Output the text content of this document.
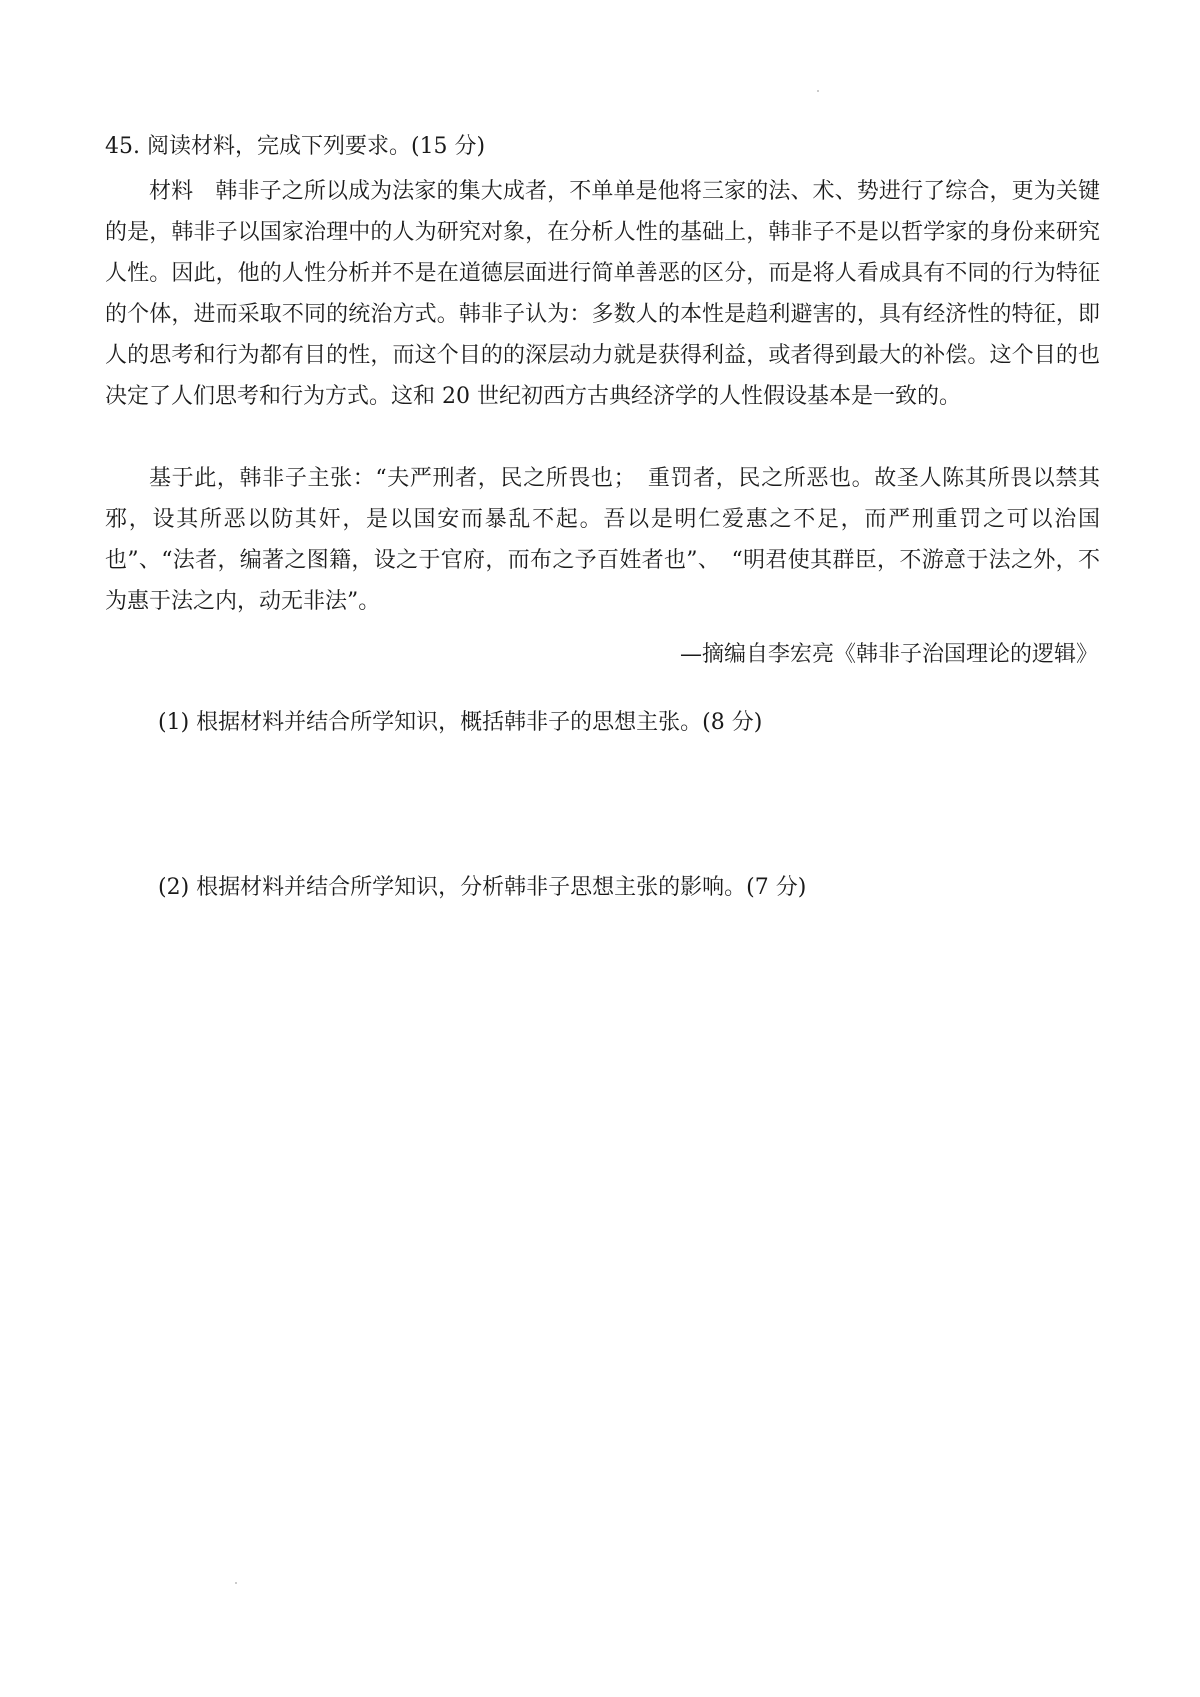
45. 阅读材料，完成下列要求。(15 分)

材料　韩非子之所以成为法家的集大成者，不单单是他将三家的法、术、势进行了综合，更为关键的是，韩非子以国家治理中的人为研究对象，在分析人性的基础上，韩非子不是以哲学家的身份来研究人性。因此，他的人性分析并不是在道德层面进行简单善恶的区分，而是将人看成具有不同的行为特征的个体，进而采取不同的统治方式。韩非子认为：多数人的本性是趋利避害的，具有经济性的特征，即人的思考和行为都有目的性，而这个目的的深层动力就是获得利益，或者得到最大的补偿。这个目的也决定了人们思考和行为方式。这和 20 世纪初西方古典经济学的人性假设基本是一致的。

基于此，韩非子主张：“夫严刑者，民之所畏也；　重罚者，民之所恶也。故圣人陈其所畏以禁其邪，设其所恶以防其奸，是以国安而暴乱不起。吾以是明仁爱惠之不足，而严刑重罚之可以治国也”、“法者，编著之图籍，设之于官府，而布之予百姓者也”、　“明君使其群臣，不游意于法之外，不为惠于法之内，动无非法”。

—摘编自李宏亮《韩非子治国理论的逻辑》
(1) 根据材料并结合所学知识，概括韩非子的思想主张。(8 分)
(2) 根据材料并结合所学知识，分析韩非子思想主张的影响。(7 分)
